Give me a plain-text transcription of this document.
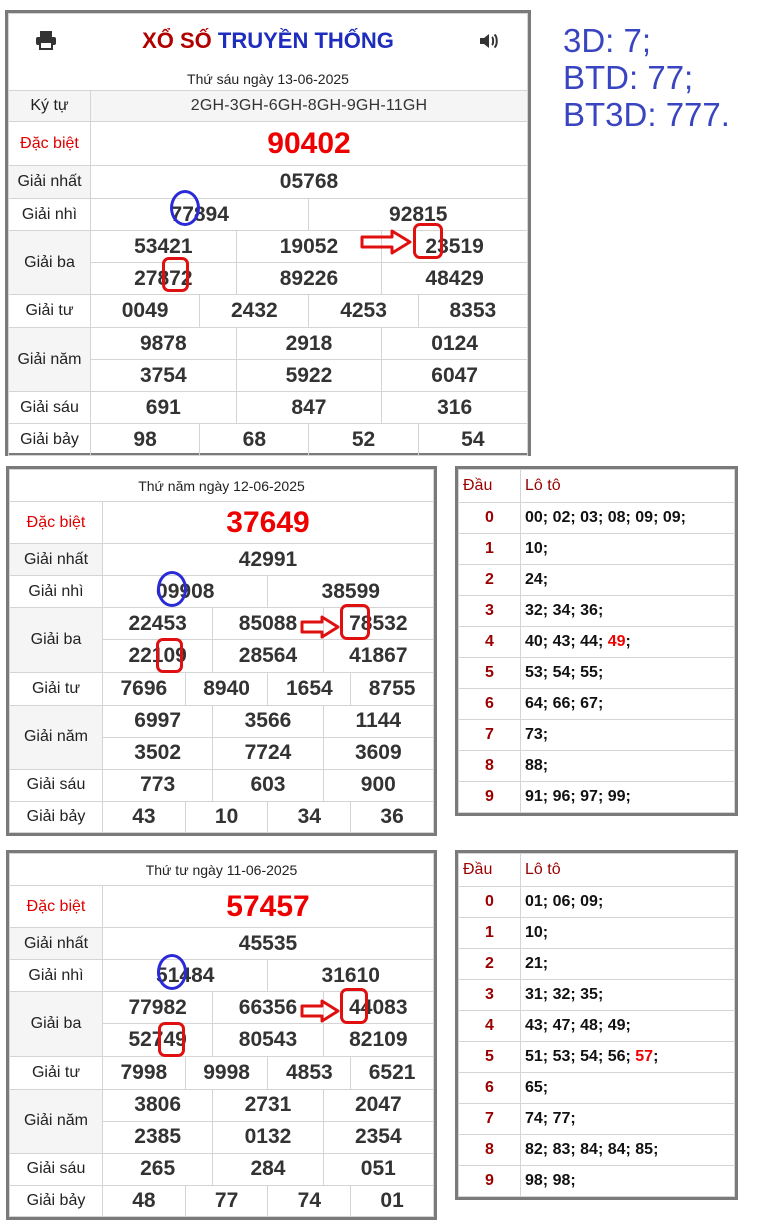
XỔ SỐ TRUYỀN THỐNG						

Thứ sáu ngày 13-06-2025						
Ký tự	2GH-3GH-6GH-8GH-9GH-11GH					
Đặc biệt	90402					
Giải nhất	05768					
Giải nhì	77894			92815		
Giải ba	53421		19052		23519	
	27872		89226		48429	
Giải tư	0049	2432		4253		8353
Giải năm	9878		2918		0124	
	3754		5922		6047	
Giải sáu	691		847		316	
Giải bảy	98	68		52		54
3D: 7;
BTD: 77;
BT3D: 777.
Thứ năm ngày 12-06-2025						
Đặc biệt	37649					
Giải nhất	42991					
Giải nhì	09908			38599		
Giải ba	22453		85088		78532	
	22109		28564		41867	
Giải tư	7696	8940		1654		8755
Giải năm	6997		3566		1144	
	3502		7724		3609	
Giải sáu	773		603		900	
Giải bảy	43	10		34		36
Thứ tư ngày 11-06-2025						
Đặc biệt	57457					
Giải nhất	45535					
Giải nhì	51484			31610		
Giải ba	77982		66356		44083	
	52749		80543		82109	
Giải tư	7998	9998		4853		6521
Giải năm	3806		2731		2047	
	2385		0132		2354	
Giải sáu	265		284		051	
Giải bảy	48	77		74		01
Đầu	Lô tô
0	00; 02; 03; 08; 09; 09;
1	10;
2	24;
3	32; 34; 36;
4	40; 43; 44; 49;
5	53; 54; 55;
6	64; 66; 67;
7	73;
8	88;
9	91; 96; 97; 99;
Đầu	Lô tô
0	01; 06; 09;
1	10;
2	21;
3	31; 32; 35;
4	43; 47; 48; 49;
5	51; 53; 54; 56; 57;
6	65;
7	74; 77;
8	82; 83; 84; 84; 85;
9	98; 98;
